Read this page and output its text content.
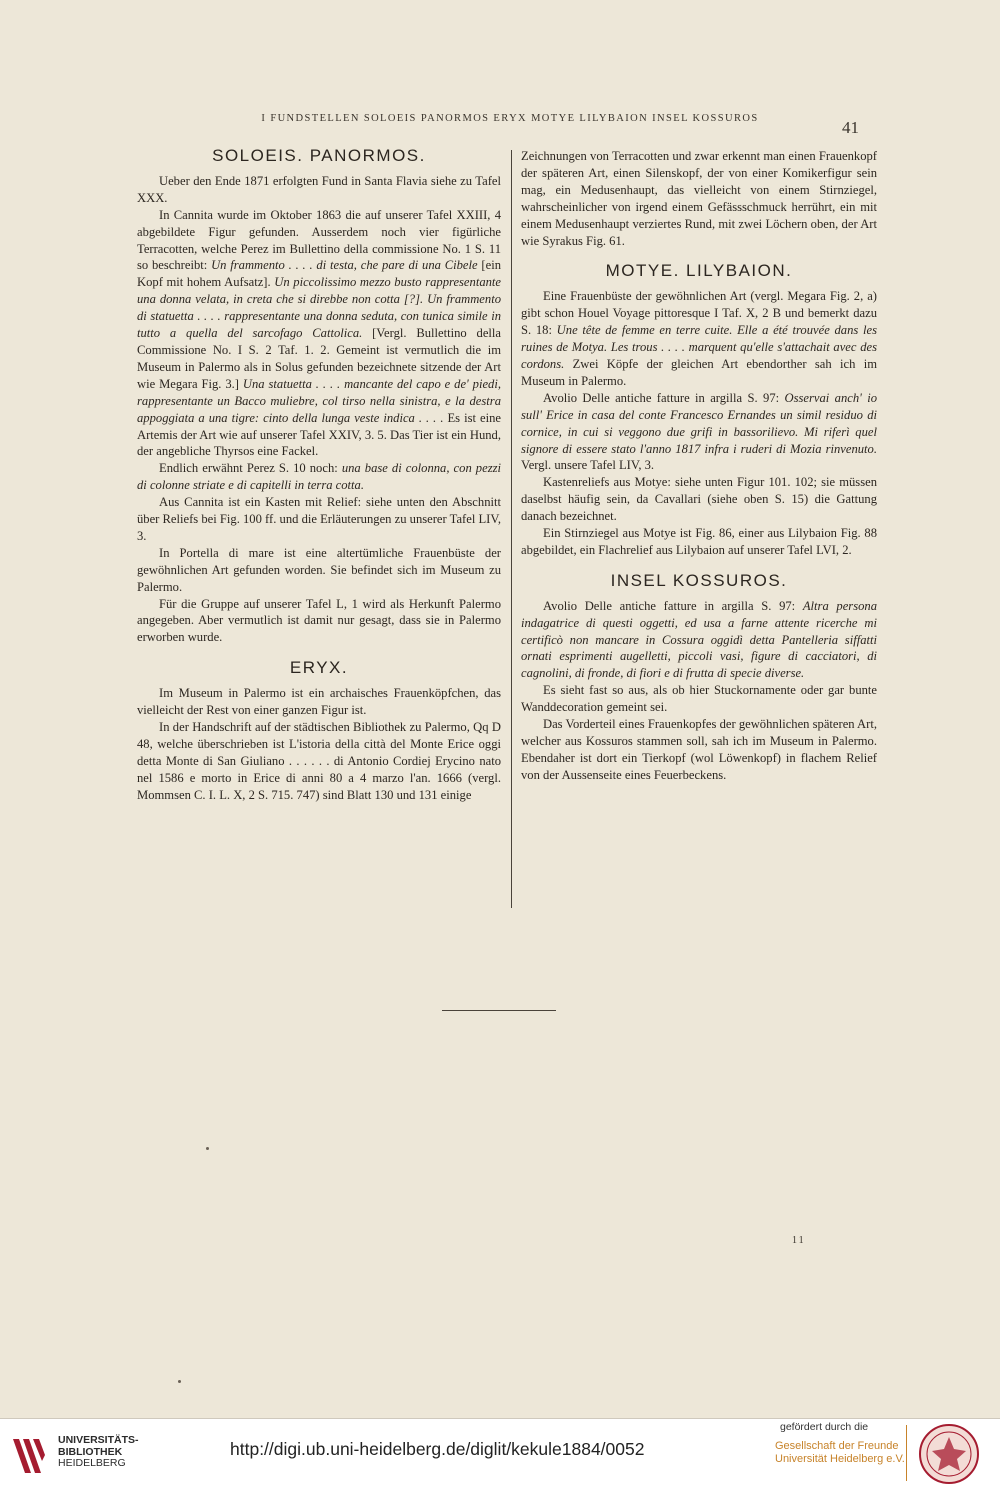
I FUNDSTELLEN SOLOEIS PANORMOS ERYX MOTYE LILYBAION INSEL KOSSUROS	41
SOLOEIS. PANORMOS.

Ueber den Ende 1871 erfolgten Fund in Santa Flavia siehe zu Tafel XXX.

In Cannita wurde im Oktober 1863 die auf unserer Tafel XXIII, 4 abgebildete Figur gefunden. Ausserdem noch vier figürliche Terracotten, welche Perez im Bullettino della commissione No. 1 S. 11 so beschreibt: Un frammento . . . . di testa, che pare di una Cibele [ein Kopf mit hohem Aufsatz]. Un piccolissimo mezzo busto rappresentante una donna velata, in creta che si direbbe non cotta [?]. Un frammento di statuetta . . . . rappresentante una donna seduta, con tunica simile in tutto a quella del sarcofago Cattolica. [Vergl. Bullettino della Commissione No. I S. 2 Taf. 1. 2. Gemeint ist vermutlich die im Museum in Palermo als in Solus gefunden bezeichnete sitzende der Art wie Megara Fig. 3.] Una statuetta . . . . mancante del capo e de' piedi, rappresentante un Bacco muliebre, col tirso nella sinistra, e la destra appoggiata a una tigre: cinto della lunga veste indica . . . . Es ist eine Artemis der Art wie auf unserer Tafel XXIV, 3. 5. Das Tier ist ein Hund, der angebliche Thyrsos eine Fackel.

Endlich erwähnt Perez S. 10 noch: una base di colonna, con pezzi di colonne striate e di capitelli in terra cotta.

Aus Cannita ist ein Kasten mit Relief: siehe unten den Abschnitt über Reliefs bei Fig. 100 ff. und die Erläuterungen zu unserer Tafel LIV, 3.

In Portella di mare ist eine altertümliche Frauenbüste der gewöhnlichen Art gefunden worden. Sie befindet sich im Museum zu Palermo.

Für die Gruppe auf unserer Tafel L, 1 wird als Herkunft Palermo angegeben. Aber vermutlich ist damit nur gesagt, dass sie in Palermo erworben wurde.

ERYX.

Im Museum in Palermo ist ein archaisches Frauenköpfchen, das vielleicht der Rest von einer ganzen Figur ist.

In der Handschrift auf der städtischen Bibliothek zu Palermo, Qq D 48, welche überschrieben ist L'istoria della città del Monte Erice oggi detta Monte di San Giuliano . . . . . . di Antonio Cordiej Erycino nato nel 1586 e morto in Erice di anni 80 a 4 marzo l'an. 1666 (vergl. Mommsen C. I. L. X, 2 S. 715. 747) sind Blatt 130 und 131 einige

Zeichnungen von Terracotten und zwar erkennt man einen Frauenkopf der späteren Art, einen Silenskopf, der von einer Komikerfigur sein mag, ein Medusenhaupt, das vielleicht von einem Stirnziegel, wahrscheinlicher von irgend einem Gefässschmuck herrührt, ein mit einem Medusenhaupt verziertes Rund, mit zwei Löchern oben, der Art wie Syrakus Fig. 61.

MOTYE. LILYBAION.

Eine Frauenbüste der gewöhnlichen Art (vergl. Megara Fig. 2, a) gibt schon Houel Voyage pittoresque I Taf. X, 2 B und bemerkt dazu S. 18: Une tête de femme en terre cuite. Elle a été trouvée dans les ruines de Motya. Les trous . . . . marquent qu'elle s'attachait avec des cordons. Zwei Köpfe der gleichen Art ebendorther sah ich im Museum in Palermo.

Avolio Delle antiche fatture in argilla S. 97: Osservai anch' io sull' Erice in casa del conte Francesco Ernandes un simil residuo di cornice, in cui si veggono due grifi in bassorilievo. Mi riferì quel signore di essere stato l'anno 1817 infra i ruderi di Mozia rinvenuto. Vergl. unsere Tafel LIV, 3.

Kastenreliefs aus Motye: siehe unten Figur 101. 102; sie müssen daselbst häufig sein, da Cavallari (siehe oben S. 15) die Gattung danach bezeichnet.

Ein Stirnziegel aus Motye ist Fig. 86, einer aus Lilybaion Fig. 88 abgebildet, ein Flachrelief aus Lilybaion auf unserer Tafel LVI, 2.

INSEL KOSSUROS.

Avolio Delle antiche fatture in argilla S. 97: Altra persona indagatrice di questi oggetti, ed usa a farne attente ricerche mi certificò non mancare in Cossura oggidì detta Pantelleria siffatti ornati esprimenti augelletti, piccoli vasi, figure di cacciatori, di cagnolini, di fronde, di fiori e di frutta di specie diverse.

Es sieht fast so aus, als ob hier Stuckornamente oder gar bunte Wanddecoration gemeint sei.

Das Vorderteil eines Frauenkopfes der gewöhnlichen späteren Art, welcher aus Kossuros stammen soll, sah ich im Museum in Palermo. Ebendaher ist dort ein Tierkopf (wol Löwenkopf) in flachem Relief von der Aussenseite eines Feuerbeckens.

11
UNIVERSITÄTS-
BIBLIOTHEK
HEIDELBERG
http://digi.ub.uni-heidelberg.de/diglit/kekule1884/0052
gefördert durch die
Gesellschaft der Freunde
Universität Heidelberg e.V.
